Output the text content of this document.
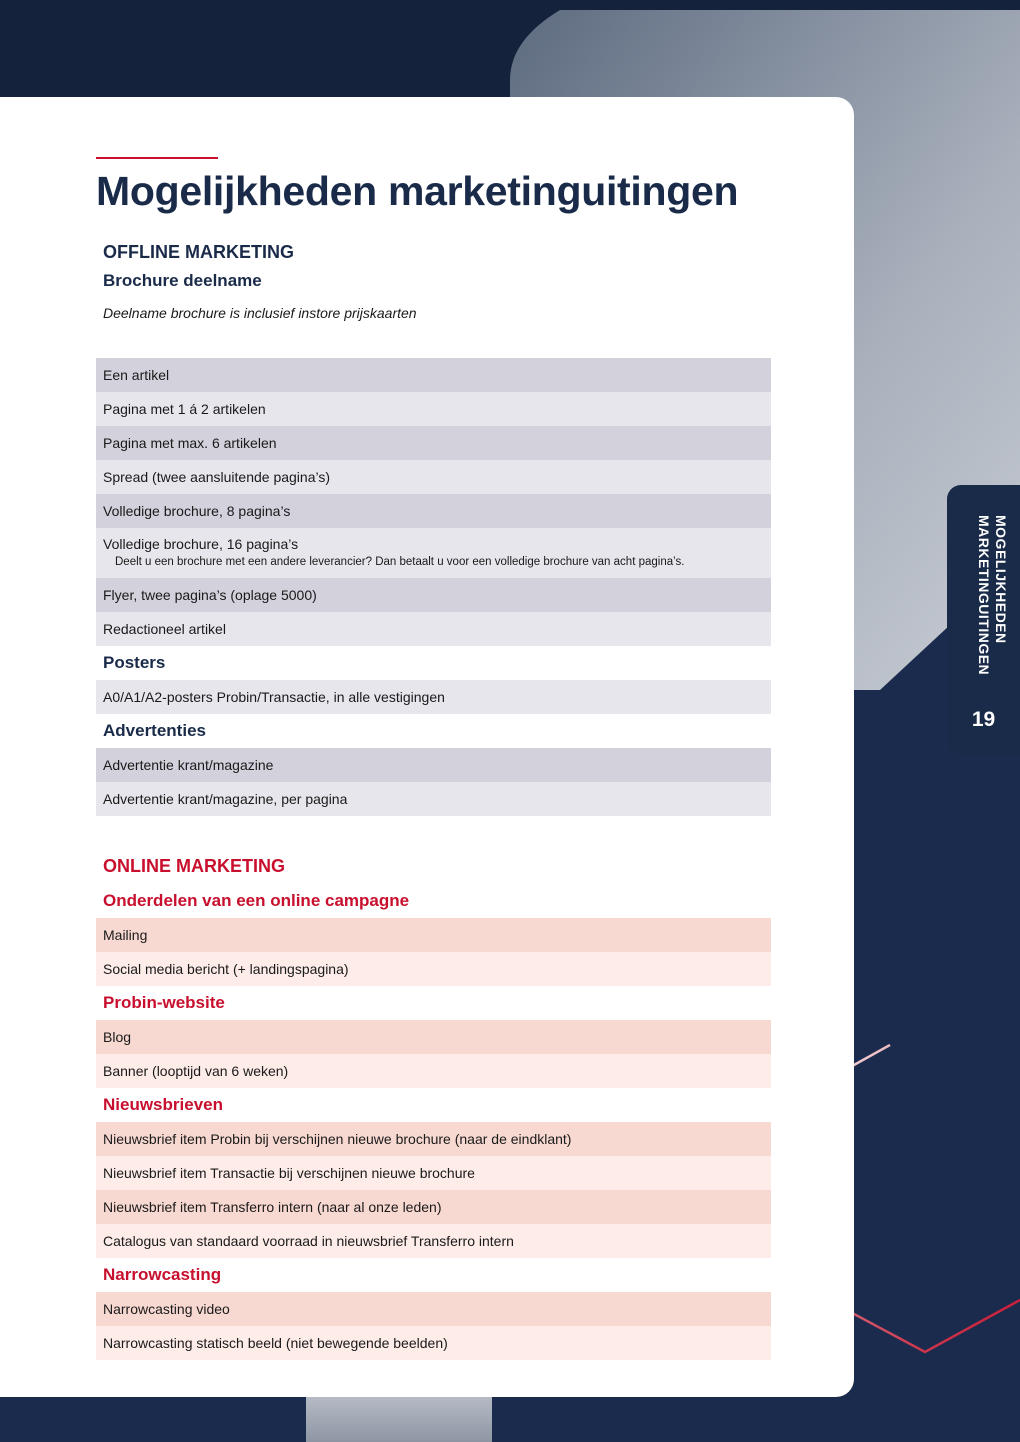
Mogelijkheden marketinguitingen
OFFLINE MARKETING
Brochure deelname
Deelname brochure is inclusief instore prijskaarten
Een artikel
Pagina met 1 á 2 artikelen
Pagina met max. 6 artikelen
Spread (twee aansluitende pagina’s)
Volledige brochure, 8 pagina’s
Volledige brochure, 16 pagina’s
Deelt u een brochure met een andere leverancier? Dan betaalt u voor een volledige brochure van acht pagina’s.
Flyer, twee pagina’s (oplage 5000)
Redactioneel artikel
Posters
A0/A1/A2-posters Probin/Transactie, in alle vestigingen
Advertenties
Advertentie krant/magazine
Advertentie krant/magazine, per pagina
ONLINE MARKETING
Onderdelen van een online campagne
Mailing
Social media bericht (+ landingspagina)
Probin-website
Blog
Banner (looptijd van 6 weken)
Nieuwsbrieven
Nieuwsbrief item Probin bij verschijnen nieuwe brochure (naar de eindklant)
Nieuwsbrief item Transactie bij verschijnen nieuwe brochure
Nieuwsbrief item Transferro intern (naar al onze leden)
Catalogus van standaard voorraad in nieuwsbrief Transferro intern
Narrowcasting
Narrowcasting video
Narrowcasting statisch beeld (niet bewegende beelden)
MOGELIJKHEDEN
MARKETINGUITINGEN
19
